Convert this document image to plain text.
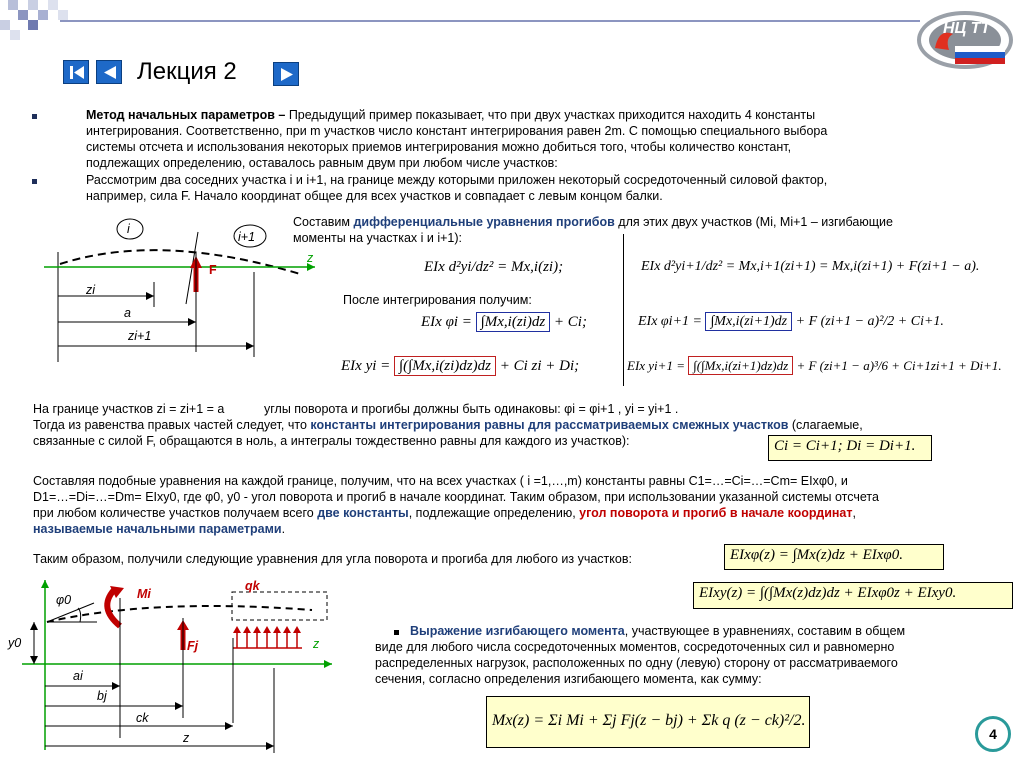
НЦ ТТ
Лекция 2
Метод начальных параметров – Предыдущий пример показывает, что при двух участках приходится находить 4 константы
интегрирования. Соответственно, при m участков число констант интегрирования равен 2m. С помощью специального выбора
системы отсчета и использования некоторых приемов интегрирования можно добиться того, чтобы количество констант,
подлежащих определению, оставалось равным двум при любом числе участков:
Рассмотрим два соседних участка i и i+1, на границе между которыми приложен некоторый сосредоточенный силовой фактор,
например, сила F. Начало координат общее для всех участков и совпадает с левым концом балки.
i
i+1
F
z
zi
a
zi+1
Составим дифференциальные уравнения прогибов для этих двух участков (Mi, Mi+1 – изгибающие
моменты на участках i и i+1):
После интегрирования получим:
EIx d²yi/dz² = Mx,i(zi);	EIx d²yi+1/dz² = Mx,i+1(zi+1) = Mx,i(zi+1) + F(zi+1 − a).
EIx φi = ∫Mx,i(zi)dz + Ci;	EIx φi+1 = ∫Mx,i(zi+1)dz + F (zi+1 − a)²/2 + Ci+1.
EIx yi = ∫(∫Mx,i(zi)dz)dz + Ci zi + Di;	EIx yi+1 = ∫(∫Mx,i(zi+1)dz)dz + F (zi+1 − a)³/6 + Ci+1zi+1 + Di+1.
На границе участков zi = zi+1 = a	углы поворота и прогибы должны быть одинаковы: φi = φi+1 , yi = yi+1 .
Тогда из равенства правых частей следует, что константы интегрирования равны для рассматриваемых смежных участков (слагаемые,
связанные с силой F, обращаются в ноль, а интегралы тождественно равны для каждого из участков):	Ci = Ci+1; Di = Di+1.
Составляя подобные уравнения на каждой границе, получим, что на всех участках ( i =1,…,m) константы равны C1=…=Ci=…=Cm= EIxφ0, и
D1=…=Di=…=Dm= EIxy0, где φ0, y0 - угол поворота и прогиб в начале координат. Таким образом, при использовании указанной системы отсчета
при любом количестве участков получаем всего две константы, подлежащие определению, угол поворота и прогиб в начале координат,
называемые начальными параметрами.
Таким образом, получили следующие уравнения для угла поворота и прогиба для любого из участков:	EIxφ(z) = ∫Mx(z)dz + EIxφ0.
EIxy(z) = ∫(∫Mx(z)dz)dz + EIxφ0z + EIxy0.
φ0	Mi
qk
y0	Fj	z
ai
bj
ck
z
Выражение изгибающего момента, участвующее в уравнениях, составим в общем
виде для любого числа сосредоточенных моментов, сосредоточенных сил и равномерно
распределенных нагрузок, расположенных по одну (левую) сторону от рассматриваемого
сечения, согласно определения изгибающего момента, как сумму:
Mx(z) = Σi Mi + Σj Fj(z − bj) + Σk q (z − ck)²/2.
4
